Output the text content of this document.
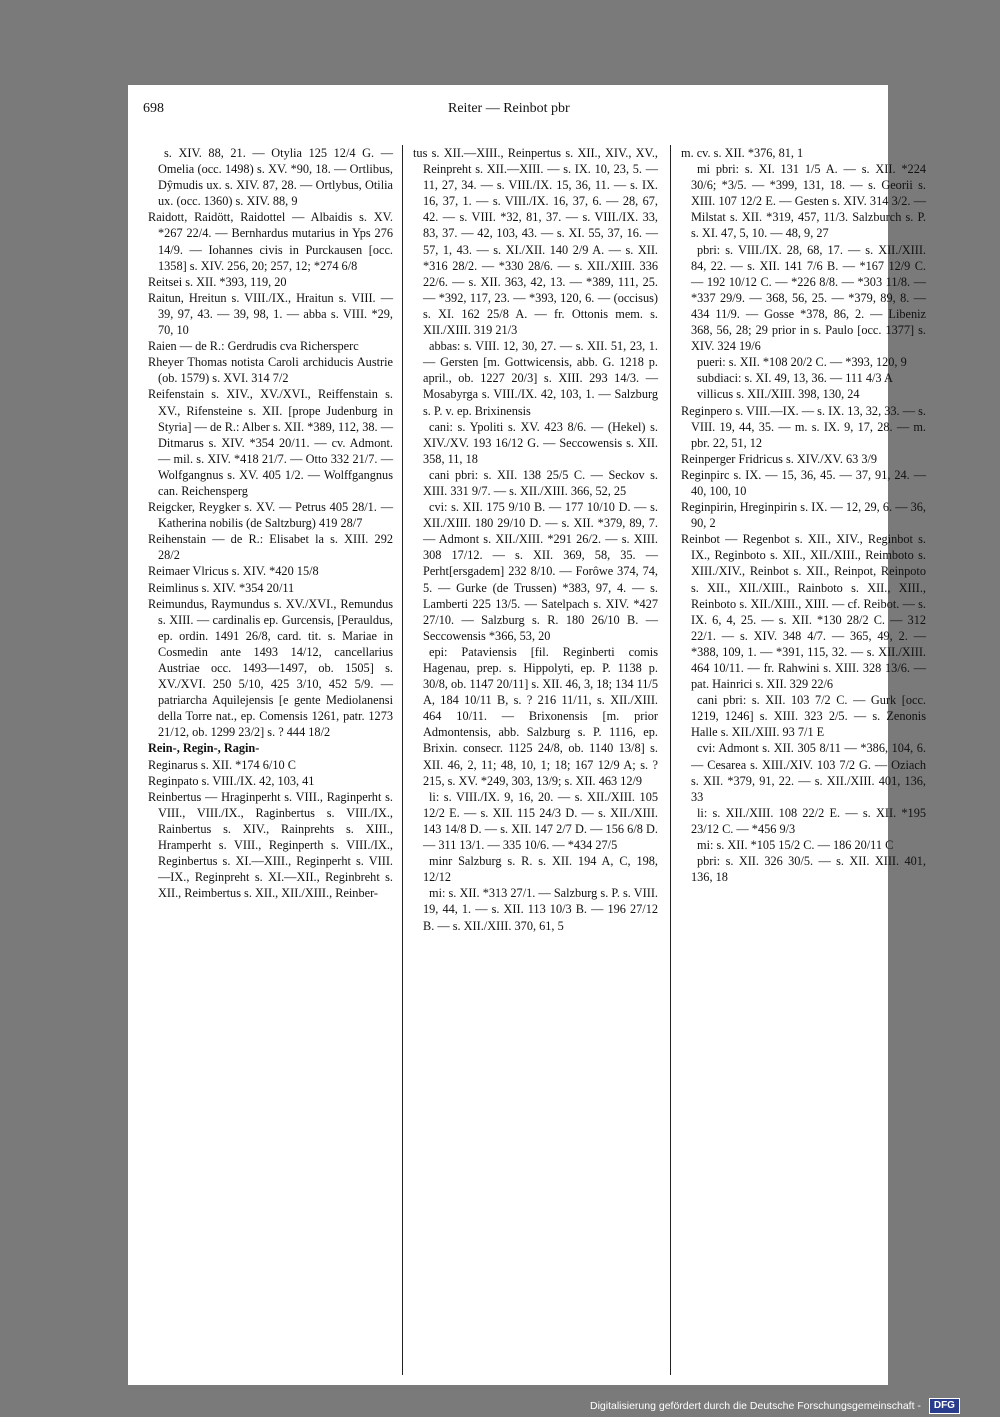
698	Reiter — Reinbot pbr

s. XIV. 88, 21. — Otylia 125 12/4 G. — Omelia (occ. 1498) s. XV. *90, 18. — Ortlibus, Dŷmudis ux. s. XIV. 87, 28. — Ortlybus, Otilia ux. (occ. 1360) s. XIV. 88, 9

Raidott, Raidött, Raidottel — Albaidis s. XV. *267 22/4. — Bernhardus mutarius in Yps 276 14/9. — Iohannes civis in Purckausen [occ. 1358] s. XIV. 256, 20; 257, 12; *274 6/8

Reitsei s. XII. *393, 119, 20

Raitun, Hreitun s. VIII./IX., Hraitun s. VIII. — 39, 97, 43. — 39, 98, 1. — abba s. VIII. *29, 70, 10

Raien — de R.: Gerdrudis cva Richersperc

Rheyer Thomas notista Caroli archiducis Austrie (ob. 1579) s. XVI. 314 7/2

Reifenstain s. XIV., XV./XVI., Reiffenstain s. XV., Rifensteine s. XII. [prope Judenburg in Styria] — de R.: Alber s. XII. *389, 112, 38. — Ditmarus s. XIV. *354 20/11. — cv. Admont. — mil. s. XIV. *418 21/7. — Otto 332 21/7. — Wolfgangnus s. XV. 405 1/2. — Wolffgangnus can. Reichensperg

Reigcker, Reygker s. XV. — Petrus 405 28/1. — Katherina nobilis (de Saltzburg) 419 28/7

Reihenstain — de R.: Elisabet la s. XIII. 292 28/2

Reimaer Vlricus s. XIV. *420 15/8

Reimlinus s. XIV. *354 20/11

Reimundus, Raymundus s. XV./XVI., Remundus s. XIII. — cardinalis ep. Gurcensis, [Perauldus, ep. ordin. 1491 26/8, card. tit. s. Mariae in Cosmedin ante 1493 14/12, cancellarius Austriae occ. 1493—1497, ob. 1505] s. XV./XVI. 250 5/10, 425 3/10, 452 5/9. — patriarcha Aquilejensis [e gente Mediolanensi della Torre nat., ep. Comensis 1261, patr. 1273 21/12, ob. 1299 23/2] s. ? 444 18/2

Rein-, Regin-, Ragin-

Reginarus s. XII. *174 6/10 C

Reginpato s. VIII./IX. 42, 103, 41

Reinbertus — Hraginperht s. VIII., Raginperht s. VIII., VIII./IX., Raginbertus s. VIII./IX., Rainbertus s. XIV., Rainprehts s. XIII., Hramperht s. VIII., Reginperth s. VIII./IX., Reginbertus s. XI.—XIII., Reginperht s. VIII.—IX., Reginpreht s. XI.—XII., Reginbreht s. XII., Reimbertus s. XII., XII./XIII., Reinber-

tus s. XII.—XIII., Reinpertus s. XII., XIV., XV., Reinpreht s. XII.—XIII. — s. IX. 10, 23, 5. — 11, 27, 34. — s. VIII./IX. 15, 36, 11. — s. IX. 16, 37, 1. — s. VIII./IX. 16, 37, 6. — 28, 67, 42. — s. VIII. *32, 81, 37. — s. VIII./IX. 33, 83, 37. — 42, 103, 43. — s. XI. 55, 37, 16. — 57, 1, 43. — s. XI./XII. 140 2/9 A. — s. XII. *316 28/2. — *330 28/6. — s. XII./XIII. 336 22/6. — s. XII. 363, 42, 13. — *389, 111, 25. — *392, 117, 23. — *393, 120, 6. — (occisus) s. XI. 162 25/8 A. — fr. Ottonis mem. s. XII./XIII. 319 21/3

abbas: s. VIII. 12, 30, 27. — s. XII. 51, 23, 1. — Gersten [m. Gottwicensis, abb. G. 1218 p. april., ob. 1227 20/3] s. XIII. 293 14/3. — Mosabyrga s. VIII./IX. 42, 103, 1. — Salzburg s. P. v. ep. Brixinensis

cani: s. Ypoliti s. XV. 423 8/6. — (Hekel) s. XIV./XV. 193 16/12 G. — Seccowensis s. XII. 358, 11, 18

cani pbri: s. XII. 138 25/5 C. — Seckov s. XIII. 331 9/7. — s. XII./XIII. 366, 52, 25

cvi: s. XII. 175 9/10 B. — 177 10/10 D. — s. XII./XIII. 180 29/10 D. — s. XII. *379, 89, 7. — Admont s. XII./XIII. *291 26/2. — s. XIII. 308 17/12. — s. XII. 369, 58, 35. — Perht[ersgadem] 232 8/10. — Forôwe 374, 74, 5. — Gurke (de Trussen) *383, 97, 4. — s. Lamberti 225 13/5. — Satelpach s. XIV. *427 27/10. — Salzburg s. R. 180 26/10 B. — Seccowensis *366, 53, 20

epi: Pataviensis [fil. Reginberti comis Hagenau, prep. s. Hippolyti, ep. P. 1138 p. 30/8, ob. 1147 20/11] s. XII. 46, 3, 18; 134 11/5 A, 184 10/11 B, s. ? 216 11/11, s. XII./XIII. 464 10/11. — Brixonensis [m. prior Admontensis, abb. Salzburg s. P. 1116, ep. Brixin. consecr. 1125 24/8, ob. 1140 13/8] s. XII. 46, 2, 11; 48, 10, 1; 18; 167 12/9 A; s. ? 215, s. XV. *249, 303, 13/9; s. XII. 463 12/9

li: s. VIII./IX. 9, 16, 20. — s. XII./XIII. 105 12/2 E. — s. XII. 115 24/3 D. — s. XII./XIII. 143 14/8 D. — s. XII. 147 2/7 D. — 156 6/8 D. — 311 13/1. — 335 10/6. — *434 27/5

minr Salzburg s. R. s. XII. 194 A, C, 198, 12/12

mi: s. XII. *313 27/1. — Salzburg s. P. s. VIII. 19, 44, 1. — s. XII. 113 10/3 B. — 196 27/12 B. — s. XII./XIII. 370, 61, 5

m. cv. s. XII. *376, 81, 1

mi pbri: s. XI. 131 1/5 A. — s. XII. *224 30/6; *3/5. — *399, 131, 18. — s. Georii s. XIII. 107 12/2 E. — Gesten s. XIV. 314 3/2. — Milstat s. XII. *319, 457, 11/3. Salzburch s. P. s. XI. 47, 5, 10. — 48, 9, 27

pbri: s. VIII./IX. 28, 68, 17. — s. XII./XIII. 84, 22. — s. XII. 141 7/6 B. — *167 12/9 C. — 192 10/12 C. — *226 8/8. — *303 11/8. — *337 29/9. — 368, 56, 25. — *379, 89, 8. — 434 11/9. — Gosse *378, 86, 2. — Libeniz 368, 56, 28; 29 prior in s. Paulo [occ. 1377] s. XIV. 324 19/6

pueri: s. XII. *108 20/2 C. — *393, 120, 9

subdiaci: s. XI. 49, 13, 36. — 111 4/3 A

villicus s. XII./XIII. 398, 130, 24

Reginpero s. VIII.—IX. — s. IX. 13, 32, 33. — s. VIII. 19, 44, 35. — m. s. IX. 9, 17, 28. — m. pbr. 22, 51, 12

Reinperger Fridricus s. XIV./XV. 63 3/9

Reginpirc s. IX. — 15, 36, 45. — 37, 91, 24. — 40, 100, 10

Reginpirin, Hreginpirin s. IX. — 12, 29, 6. — 36, 90, 2

Reinbot — Regenbot s. XII., XIV., Reginbot s. IX., Reginboto s. XII., XII./XIII., Reimboto s. XIII./XIV., Reinbot s. XII., Reinpot, Reinpoto s. XII., XII./XIII., Rainboto s. XII., XIII., Reinboto s. XII./XIII., XIII. — cf. Reibot. — s. IX. 6, 4, 25. — s. XII. *130 28/2 C. — 312 22/1. — s. XIV. 348 4/7. — 365, 49, 2. — *388, 109, 1. — *391, 115, 32. — s. XII./XIII. 464 10/11. — fr. Rahwini s. XIII. 328 13/6. — pat. Hainrici s. XII. 329 22/6

cani pbri: s. XII. 103 7/2 C. — Gurk [occ. 1219, 1246] s. XIII. 323 2/5. — s. Zenonis Halle s. XII./XIII. 93 7/1 E

cvi: Admont s. XII. 305 8/11 — *386, 104, 6. — Cesarea s. XIII./XIV. 103 7/2 G. — Oziach s. XII. *379, 91, 22. — s. XII./XIII. 401, 136, 33

li: s. XII./XIII. 108 22/2 E. — s. XII. *195 23/12 C. — *456 9/3

mi: s. XII. *105 15/2 C. — 186 20/11 C

pbri: s. XII. 326 30/5. — s. XII. XIII. 401, 136, 18

Digitalisierung gefördert durch die Deutsche Forschungsgemeinschaft - DFG
